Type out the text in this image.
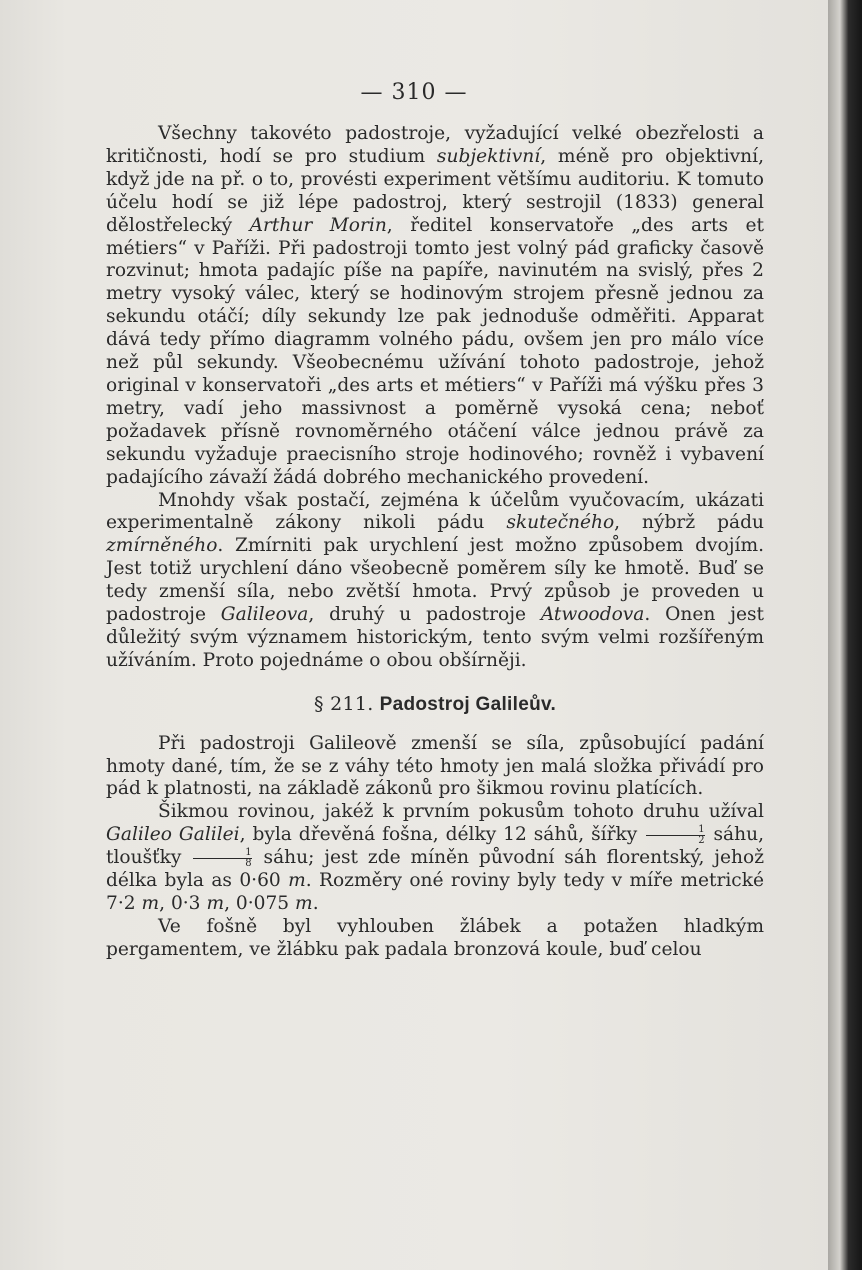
— 310 —

Všechny takovéto padostroje, vyžadující velké obezřelosti a kritičnosti, hodí se pro studium subjektivní, méně pro objektivní, když jde na př. o to, provésti experiment většímu auditoriu. K tomuto účelu hodí se již lépe padostroj, který sestrojil (1833) general dělostřelecký Arthur Morin, ředitel konservatoře „des arts et métiers“ v Paříži. Při padostroji tomto jest volný pád graficky časově rozvinut; hmota padajíc píše na papíře, navinutém na svislý, přes 2 metry vysoký válec, který se hodinovým strojem přesně jednou za sekundu otáčí; díly sekundy lze pak jednoduše odměřiti. Apparat dává tedy přímo diagramm volného pádu, ovšem jen pro málo více než půl sekundy. Všeobecnému užívání tohoto padostroje, jehož original v konservatoři „des arts et métiers“ v Paříži má výšku přes 3 metry, vadí jeho massivnost a poměrně vysoká cena; neboť požadavek přísně rovnoměrného otáčení válce jednou právě za sekundu vyžaduje praecisního stroje hodinového; rovněž i vybavení padajícího závaží žádá dobrého mechanického provedení.

Mnohdy však postačí, zejména k účelům vyučovacím, ukázati experimentalně zákony nikoli pádu skutečného, nýbrž pádu zmírněného. Zmírniti pak urychlení jest možno způsobem dvojím. Jest totiž urychlení dáno všeobecně poměrem síly ke hmotě. Buď se tedy zmenší síla, nebo zvětší hmota. Prvý způsob je proveden u padostroje Galileova, druhý u padostroje Atwoodova. Onen jest důležitý svým významem historickým, tento svým velmi rozšířeným užíváním. Proto pojednáme o obou obšírněji.

§ 211. Padostroj Galileův.

Při padostroji Galileově zmenší se síla, způsobující padání hmoty dané, tím, že se z váhy této hmoty jen malá složka přivádí pro pád k platnosti, na základě zákonů pro šikmou rovinu platících.

Šikmou rovinou, jakéž k prvním pokusům tohoto druhu užíval Galileo Galilei, byla dřevěná fošna, délky 12 sáhů, šířky $\frac{1}{2}$ sáhu, tloušťky $\frac{1}{8}$ sáhu; jest zde míněn původní sáh florentský, jehož délka byla as 0·60 m. Rozměry oné roviny byly tedy v míře metrické 7·2 m, 0·3 m, 0·075 m.

Ve fošně byl vyhlouben žlábek a potažen hladkým pergamentem, ve žlábku pak padala bronzová koule, buď celou
